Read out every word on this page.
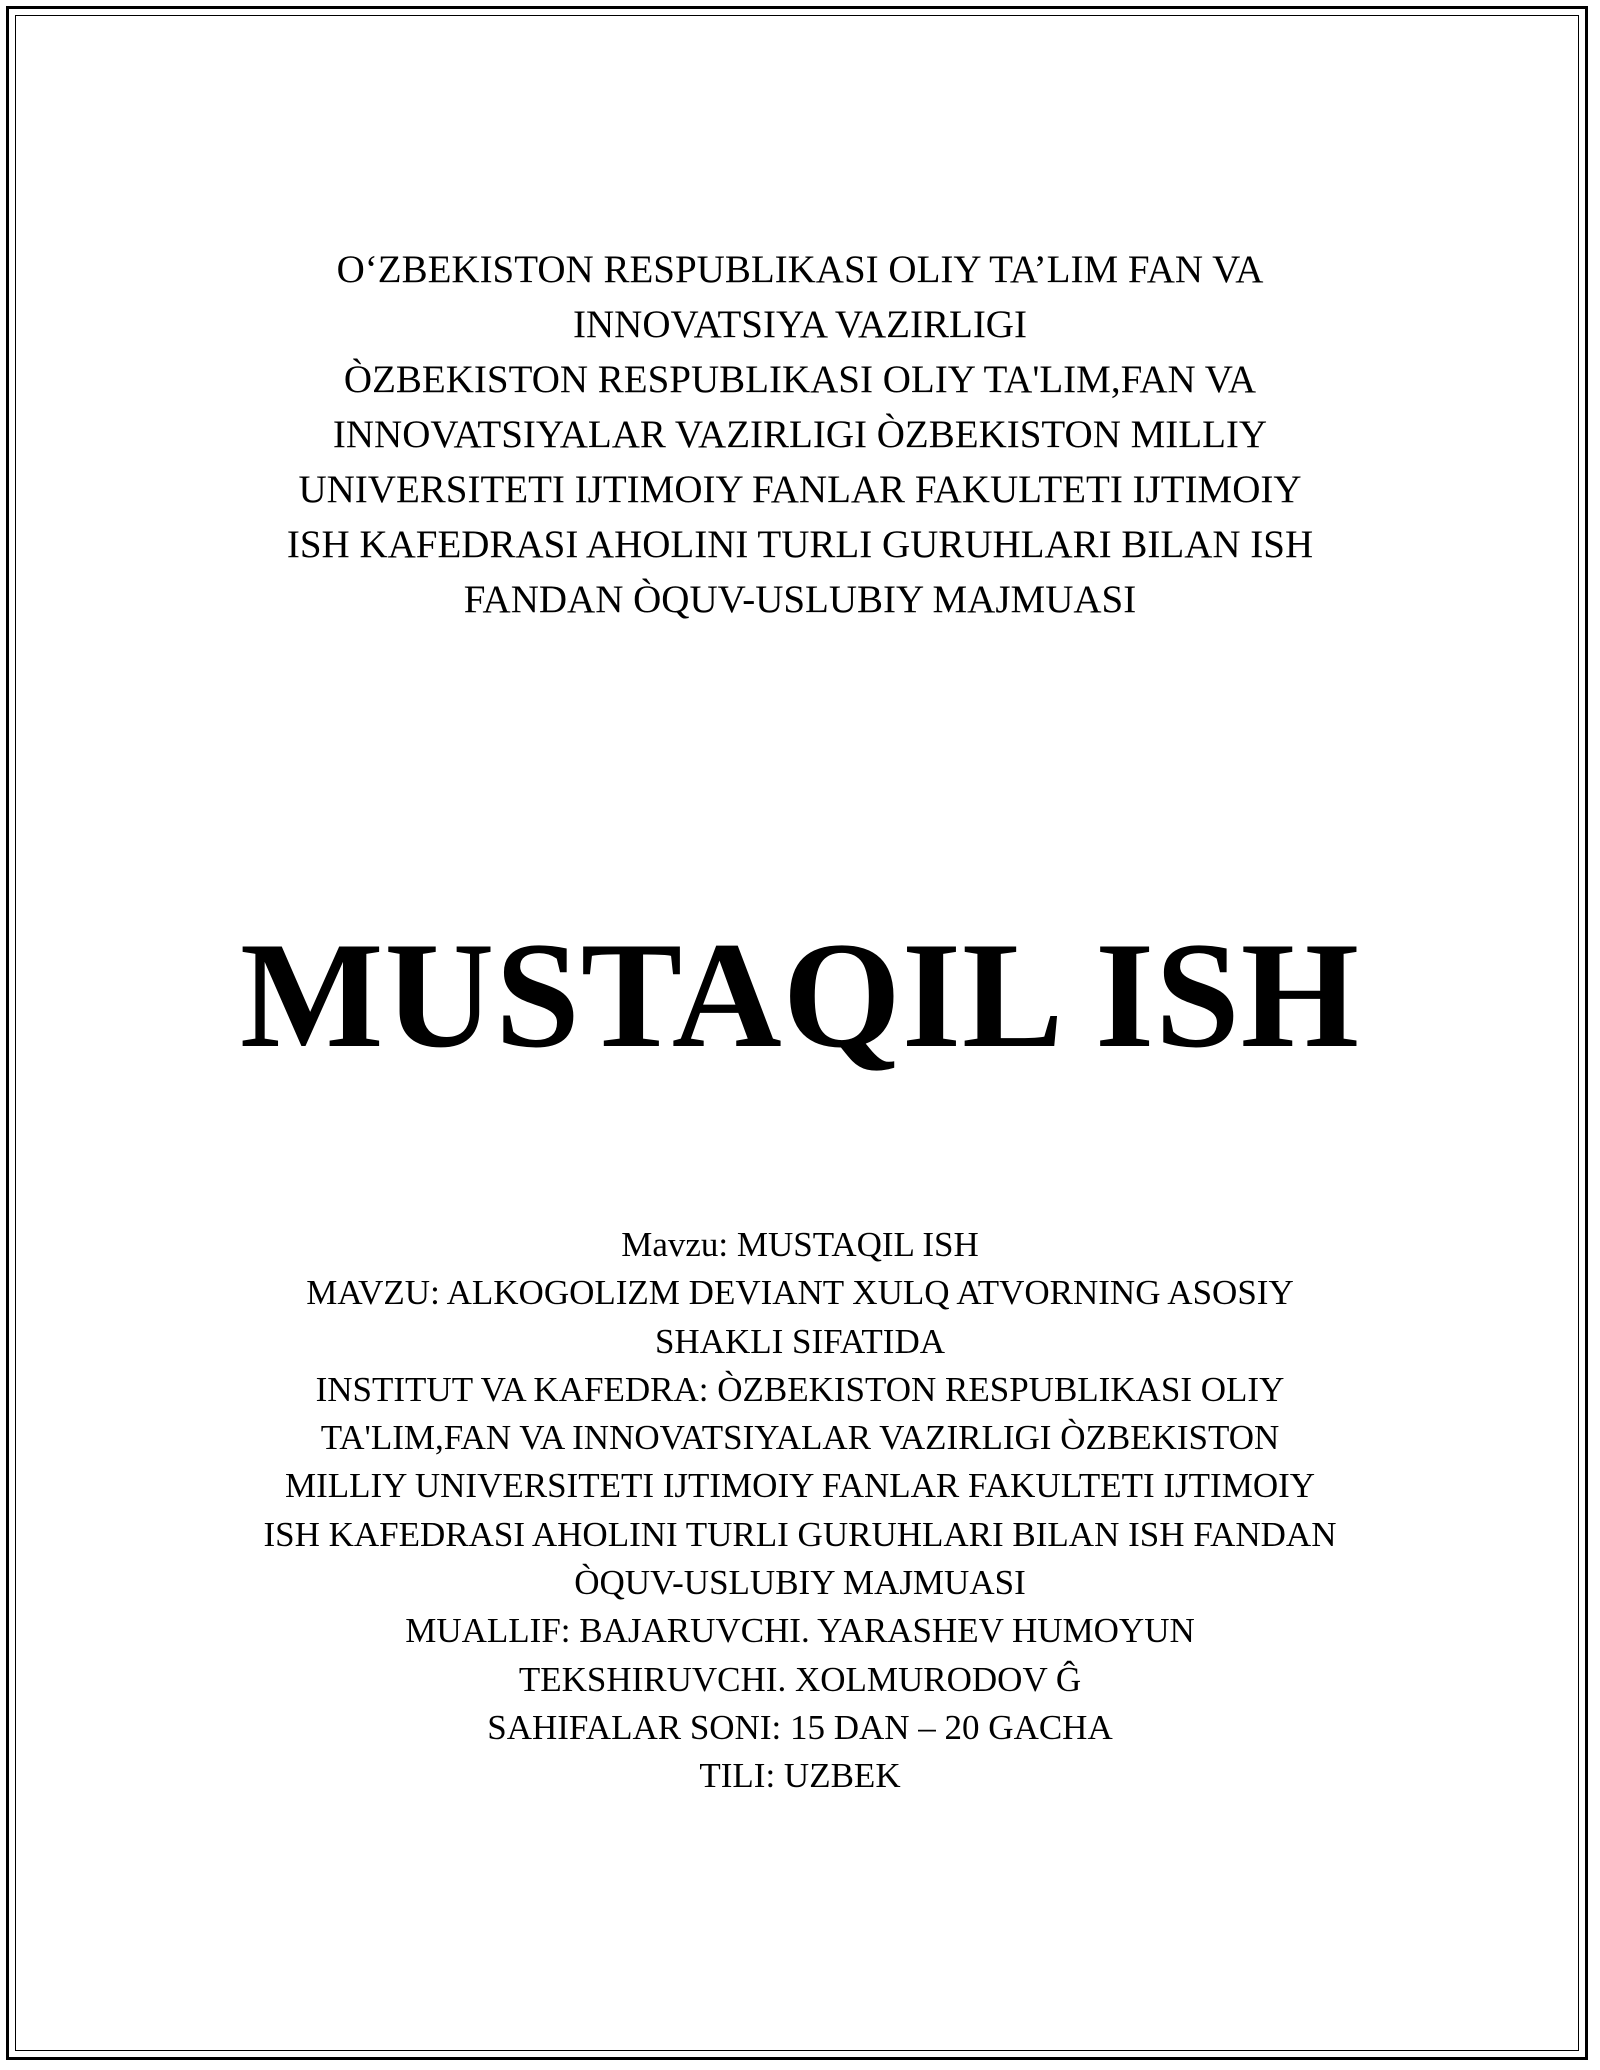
O‘ZBEKISTON RESPUBLIKASI OLIY TA’LIM FAN VA
INNOVATSIYA VAZIRLIGI
ÒZBEKISTON RESPUBLIKASI OLIY TA'LIM,FAN VA
INNOVATSIYALAR VAZIRLIGI ÒZBEKISTON MILLIY
UNIVERSITETI IJTIMOIY FANLAR FAKULTETI IJTIMOIY
ISH KAFEDRASI AHOLINI TURLI GURUHLARI BILAN ISH
FANDAN ÒQUV-USLUBIY MAJMUASI
MUSTAQIL ISH
Mavzu: MUSTAQIL ISH
MAVZU: ALKOGOLIZM DEVIANT XULQ ATVORNING ASOSIY
SHAKLI SIFATIDA
INSTITUT VA KAFEDRA: ÒZBEKISTON RESPUBLIKASI OLIY
TA'LIM,FAN VA INNOVATSIYALAR VAZIRLIGI ÒZBEKISTON
MILLIY UNIVERSITETI IJTIMOIY FANLAR FAKULTETI IJTIMOIY
ISH KAFEDRASI AHOLINI TURLI GURUHLARI BILAN ISH FANDAN
ÒQUV-USLUBIY MAJMUASI
MUALLIF: BAJARUVCHI. YARASHEV HUMOYUN
TEKSHIRUVCHI. XOLMURODOV Ĝ
SAHIFALAR SONI: 15 DAN – 20 GACHA
TILI: UZBEK
